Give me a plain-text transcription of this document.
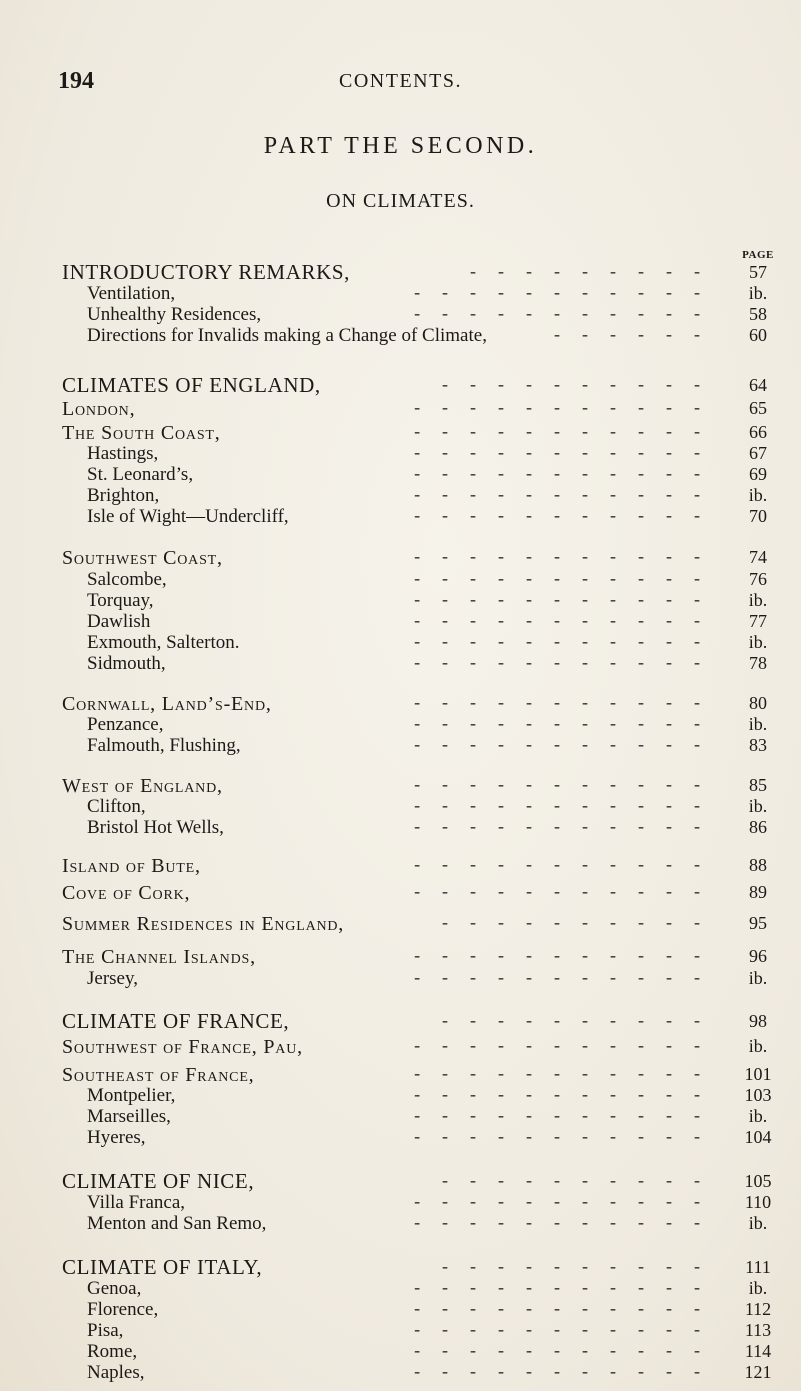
194	CONTENTS.
PART THE SECOND.
ON CLIMATES.
PAGE
INTRODUCTORY REMARKS,	57
---------
Ventilation,	ib.
-----------
Unhealthy Residences,	58
-----------
Directions for Invalids making a Change of Climate,	60
------
CLIMATES OF ENGLAND,	64
----------
London,	65
-----------
The South Coast,	66
-----------
Hastings,	67
-----------
St. Leonard’s,	69
-----------
Brighton,	ib.
-----------
Isle of Wight—Undercliff,	70
-----------
Southwest Coast,	74
-----------
Salcombe,	76
-----------
Torquay,	ib.
-----------
Dawlish	77
-----------
Exmouth, Salterton.	ib.
-----------
Sidmouth,	78
-----------
Cornwall, Land’s-End,	80
-----------
Penzance,	ib.
-----------
Falmouth, Flushing,	83
-----------
West of England,	85
-----------
Clifton,	ib.
-----------
Bristol Hot Wells,	86
-----------
Island of Bute,	88
-----------
Cove of Cork,	89
-----------
Summer Residences in England,	95
----------
The Channel Islands,	96
-----------
Jersey,	ib.
-----------
CLIMATE OF FRANCE,	98
----------
Southwest of France, Pau,	ib.
-----------
Southeast of France,	101
-----------
Montpelier,	103
-----------
Marseilles,	ib.
-----------
Hyeres,	104
-----------
CLIMATE OF NICE,	105
----------
Villa Franca,	110
-----------
Menton and San Remo,	ib.
-----------
CLIMATE OF ITALY,	111
----------
Genoa,	ib.
-----------
Florence,	112
-----------
Pisa,	113
-----------
Rome,	114
-----------
Naples,	121
-----------
